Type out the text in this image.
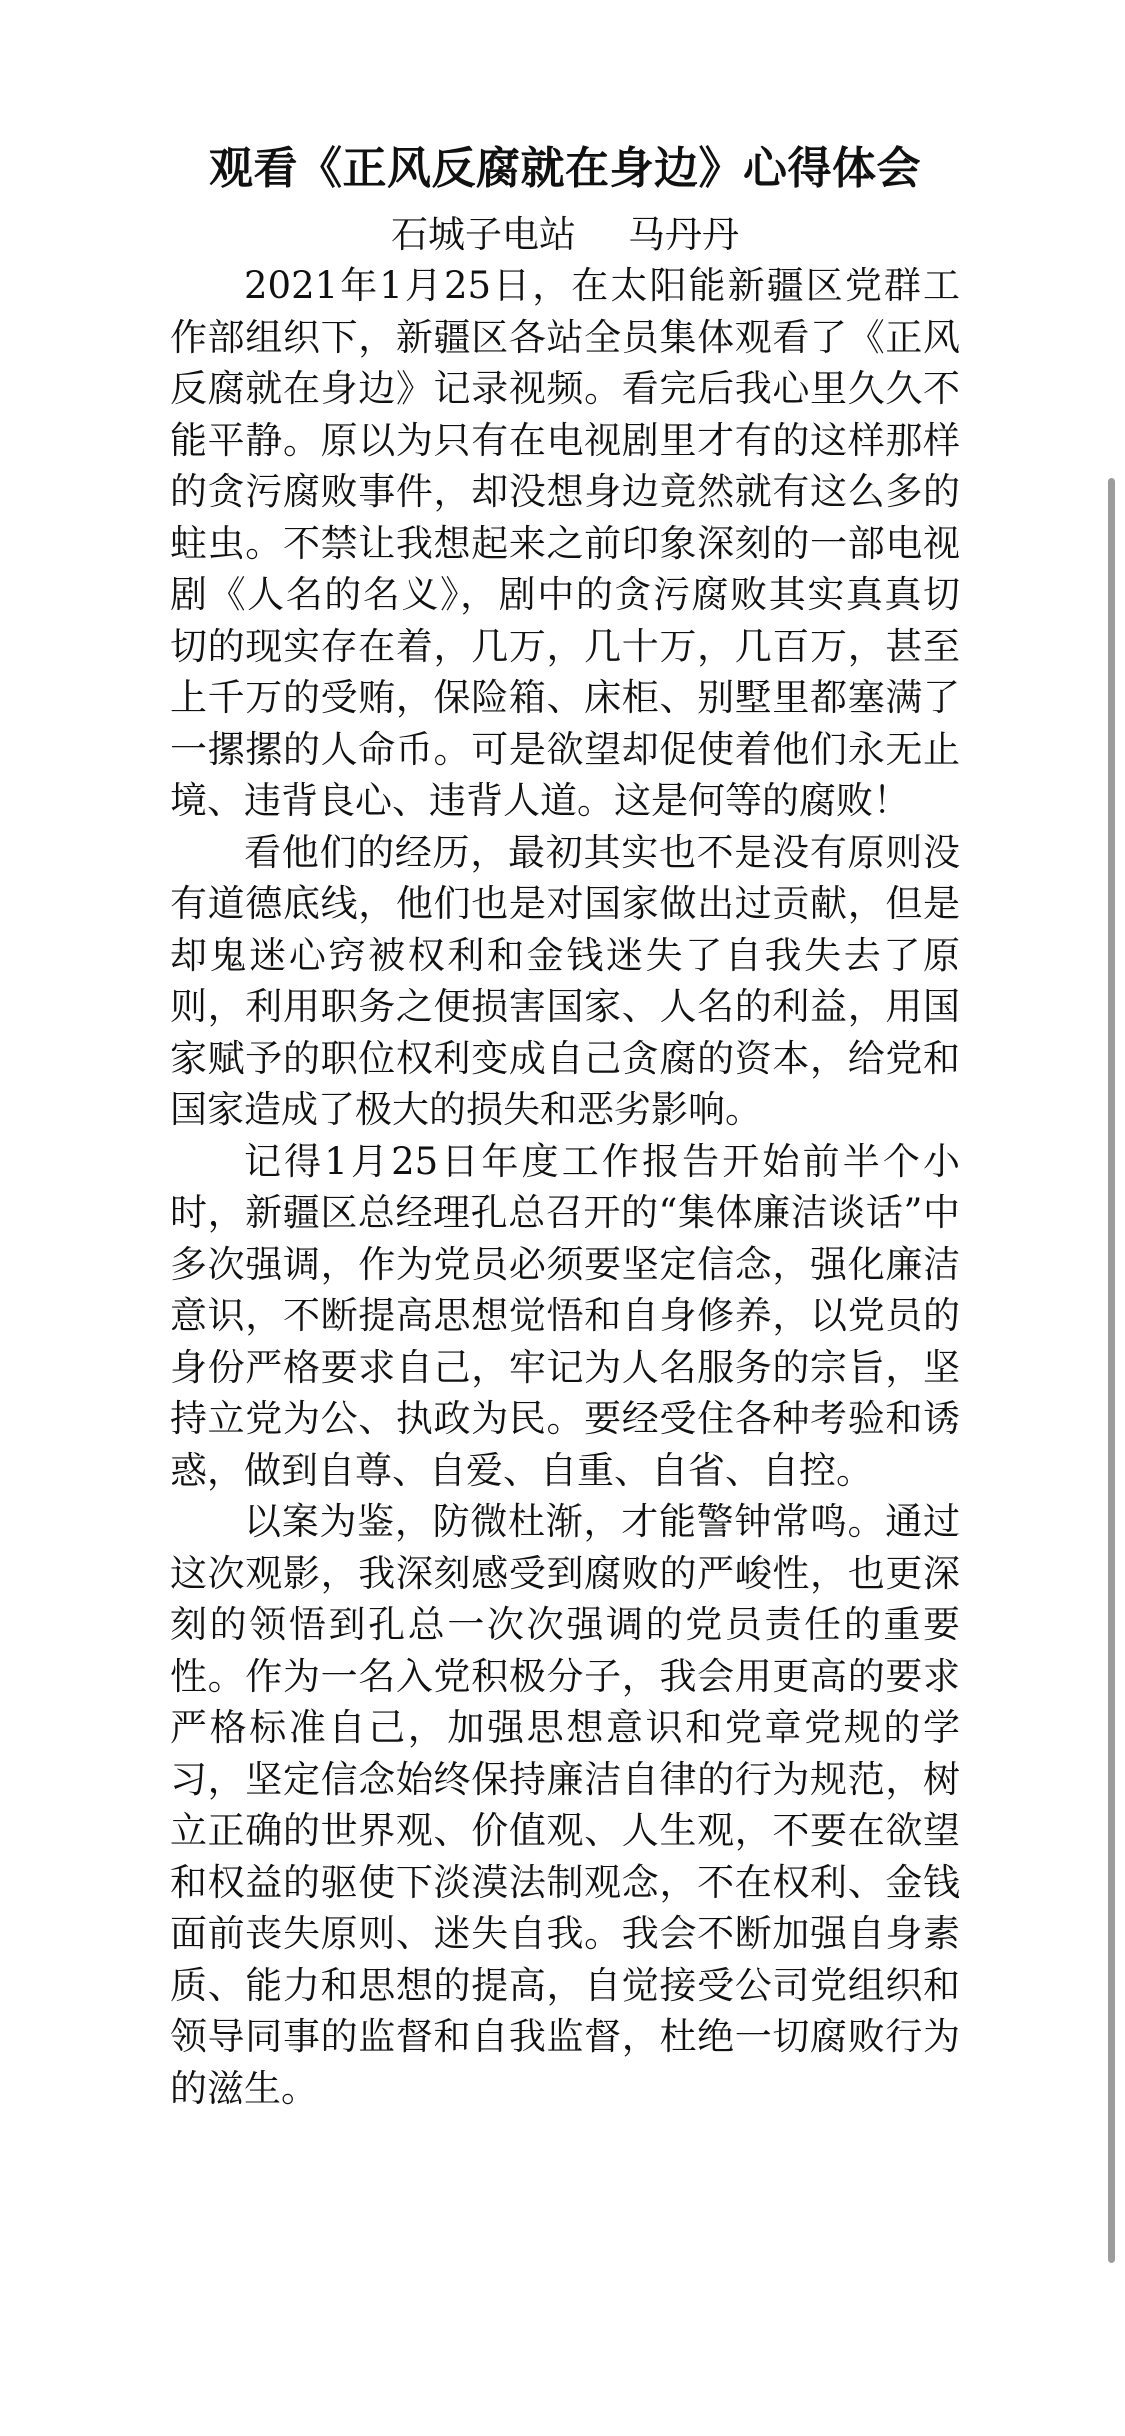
观看《正风反腐就在身边》心得体会
石城子电站 马丹丹

2021年1月25日，在太阳能新疆区党群工作部组织下，新疆区各站全员集体观看了《正风反腐就在身边》记录视频。看完后我心里久久不能平静。原以为只有在电视剧里才有的这样那样的贪污腐败事件，却没想身边竟然就有这么多的蛀虫。不禁让我想起来之前印象深刻的一部电视剧《人名的名义》，剧中的贪污腐败其实真真切切的现实存在着，几万，几十万，几百万，甚至上千万的受贿，保险箱、床柜、别墅里都塞满了一摞摞的人命币。可是欲望却促使着他们永无止境、违背良心、违背人道。这是何等的腐败！

看他们的经历，最初其实也不是没有原则没有道德底线，他们也是对国家做出过贡献，但是却鬼迷心窍被权利和金钱迷失了自我失去了原则，利用职务之便损害国家、人名的利益，用国家赋予的职位权利变成自己贪腐的资本，给党和国家造成了极大的损失和恶劣影响。

记得1月25日年度工作报告开始前半个小时，新疆区总经理孔总召开的“集体廉洁谈话”中多次强调，作为党员必须要坚定信念，强化廉洁意识，不断提高思想觉悟和自身修养，以党员的身份严格要求自己，牢记为人名服务的宗旨，坚持立党为公、执政为民。要经受住各种考验和诱惑，做到自尊、自爱、自重、自省、自控。

以案为鉴，防微杜渐，才能警钟常鸣。通过这次观影，我深刻感受到腐败的严峻性，也更深刻的领悟到孔总一次次强调的党员责任的重要性。作为一名入党积极分子，我会用更高的要求严格标准自己，加强思想意识和党章党规的学习，坚定信念始终保持廉洁自律的行为规范，树立正确的世界观、价值观、人生观，不要在欲望和权益的驱使下淡漠法制观念，不在权利、金钱面前丧失原则、迷失自我。我会不断加强自身素质、能力和思想的提高，自觉接受公司党组织和领导同事的监督和自我监督，杜绝一切腐败行为的滋生。
